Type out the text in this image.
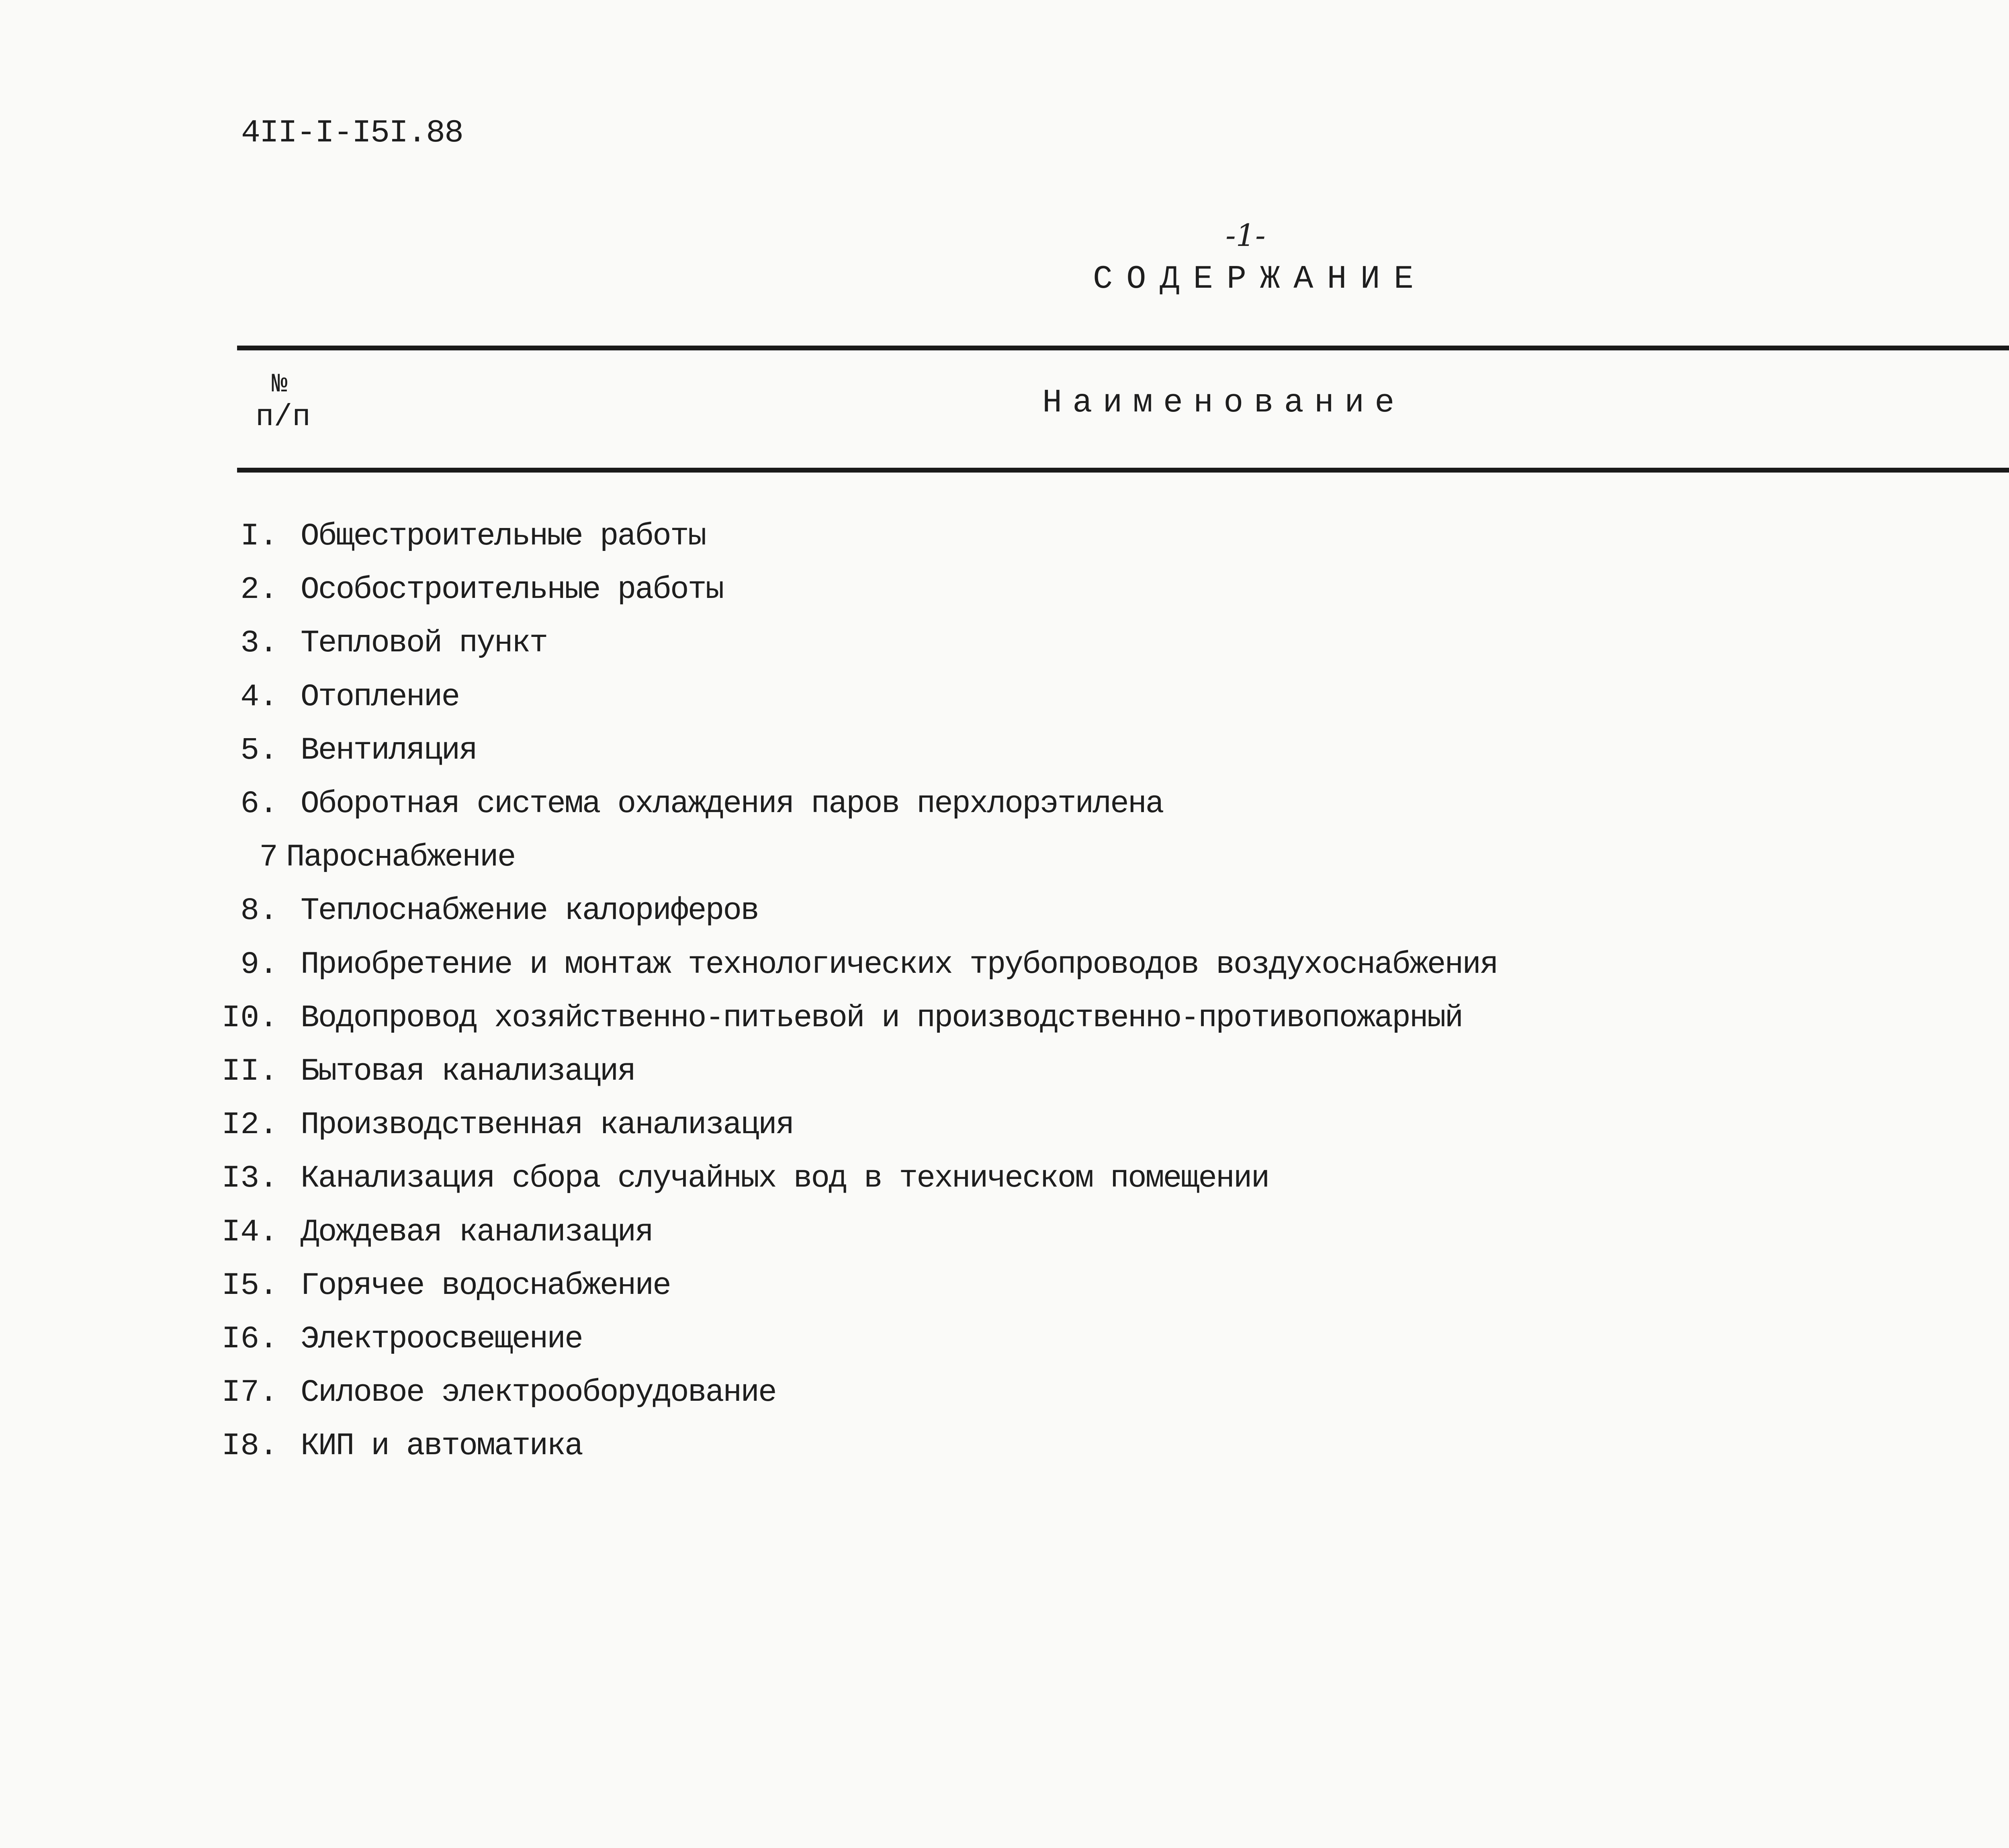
4II-I-I5I.88
-1-
СОДЕРЖАНИЕ
№
п/п	Наименование
I. Общестроительные работы
2. Особостроительные работы
3. Тепловой пункт
4. Отопление
5. Вентиляция
6. Оборотная система охлаждения паров перхлорэтилена
7 Пароснабжение
8. Теплоснабжение калориферов
9. Приобретение и монтаж технологических трубопроводов воздухоснабжения
I0. Водопровод хозяйственно-питьевой и производственно-противопожарный
II. Бытовая канализация
I2. Производственная канализация
I3. Канализация сбора случайных вод в техническом помещении
I4. Дождевая канализация
I5. Горячее водоснабжение
I6. Электроосвещение
I7. Силовое электрооборудование
I8. КИП и автоматика
